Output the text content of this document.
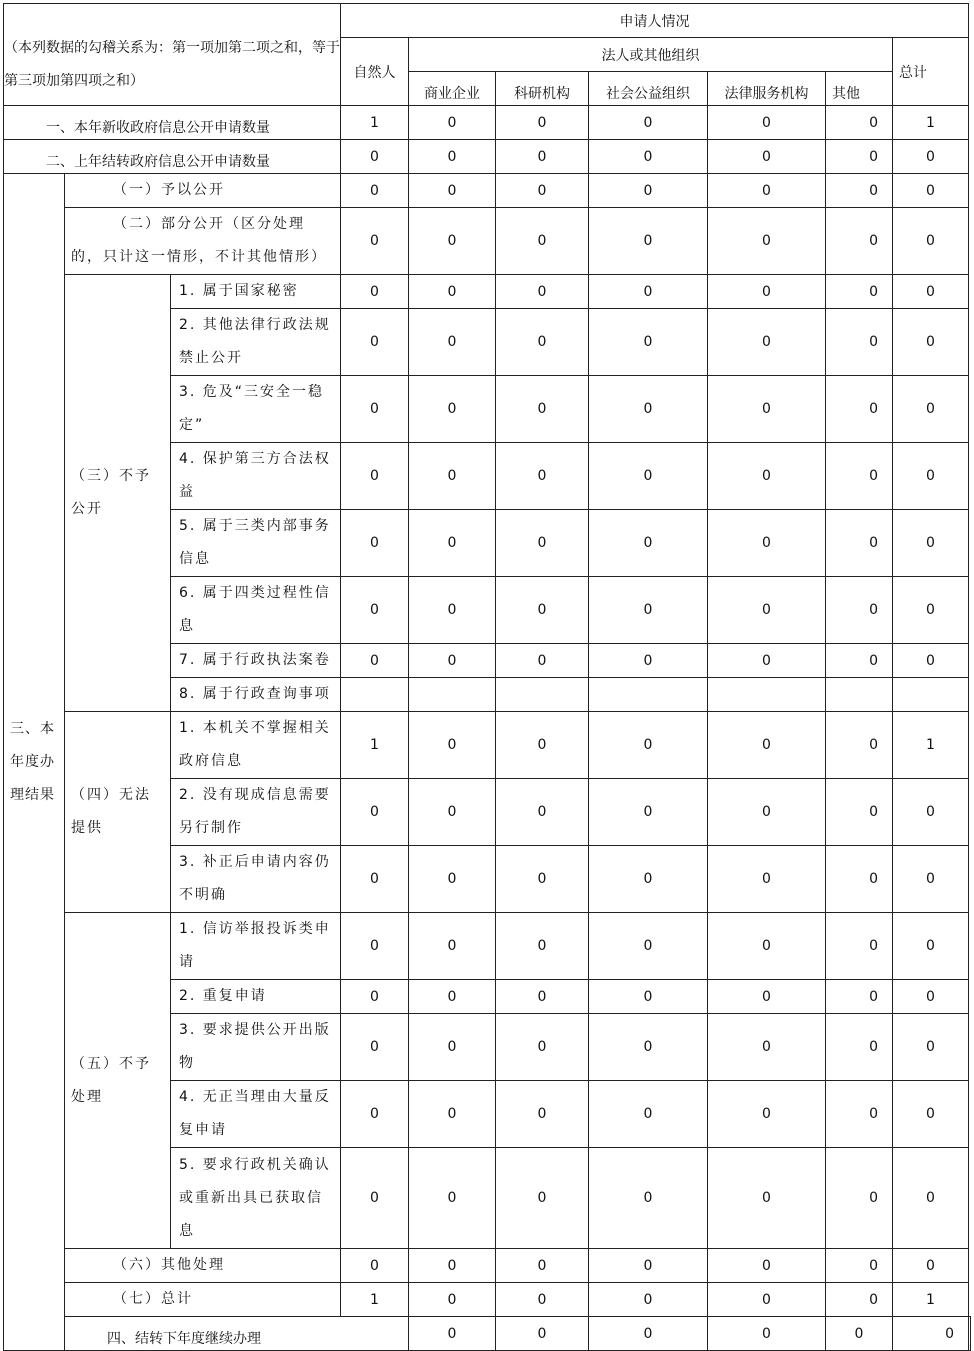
（本列数据的勾稽关系为：第一项加第二项之和，等于第三项加第四项之和）			申请人情况							
			自然人	法人或其他组织					总计	
				商业企业	科研机构	社会公益组织	法律服务机构	其他		
一、本年新收政府信息公开申请数量			1	0	0	0	0	0	1	
二、上年结转政府信息公开申请数量			0	0	0	0	0	0	0	
三、本年度办理结果	（一）予以公开		0	0	0	0	0	0	0	
	（二）部分公开（区分处理的，只计这一情形，不计其他情形）		0	0	0	0	0	0	0	
	（三）不予公开	1. 属于国家秘密	0	0	0	0	0	0	0	
		2. 其他法律行政法规禁止公开	0	0	0	0	0	0	0	
		3. 危及“三安全一稳定”	0	0	0	0	0	0	0	
		4. 保护第三方合法权益	0	0	0	0	0	0	0	
		5. 属于三类内部事务信息	0	0	0	0	0	0	0	
		6. 属于四类过程性信息	0	0	0	0	0	0	0	
		7. 属于行政执法案卷	0	0	0	0	0	0	0	
		8. 属于行政查询事项								
	（四）无法提供	1. 本机关不掌握相关政府信息	1	0	0	0	0	0	1	
		2. 没有现成信息需要另行制作	0	0	0	0	0	0	0	
		3. 补正后申请内容仍不明确	0	0	0	0	0	0	0	
	（五）不予处理	1. 信访举报投诉类申请	0	0	0	0	0	0	0	
		2. 重复申请	0	0	0	0	0	0	0	
		3. 要求提供公开出版物	0	0	0	0	0	0	0	
		4. 无正当理由大量反复申请	0	0	0	0	0	0	0	
		5. 要求行政机关确认或重新出具已获取信息	0	0	0	0	0	0	0	
	（六）其他处理		0	0	0	0	0	0	0	
	（七）总计		1	0	0	0	0	0	1	
	四、结转下年度继续办理			0	0	0	0	0	0	
